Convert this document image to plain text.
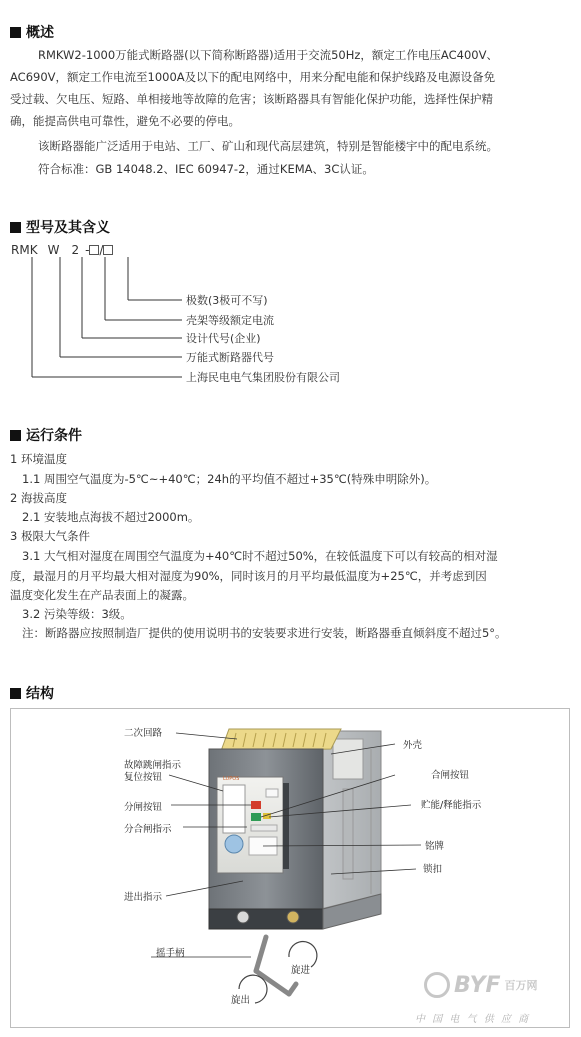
概述
RMKW2-1000万能式断路器(以下简称断路器)适用于交流50Hz，额定工作电压AC400V、
AC690V，额定工作电流至1000A及以下的配电网络中，用来分配电能和保护线路及电源设备免
受过载、欠电压、短路、单相接地等故障的危害；该断路器具有智能化保护功能，选择性保护精
确，能提高供电可靠性，避免不必要的停电。
该断路器能广泛适用于电站、工厂、矿山和现代高层建筑，特别是智能楼宇中的配电系统。
符合标准：GB 14048.2、IEC 60947-2，通过KEMA、3C认证。
型号及其含义
RMK W 2 - /
极数(3极可不写)
壳架等级额定电流
设计代号(企业)
万能式断路器代号
上海民电电气集团股份有限公司
运行条件
1 环境温度
1.1 周围空气温度为-5℃~+40℃；24h的平均值不超过+35℃(特殊申明除外)。
2 海拔高度
2.1 安装地点海拔不超过2000m。
3 极限大气条件
3.1 大气相对湿度在周围空气温度为+40℃时不超过50%，在较低温度下可以有较高的相对湿
度，最湿月的月平均最大相对湿度为90%，同时该月的月平均最低温度为+25℃，并考虑到因
温度变化发生在产品表面上的凝露。
3.2 污染等级：3级。
注：断路器应按照制造厂提供的使用说明书的安装要求进行安装，断路器垂直倾斜度不超过5°。
结构
二次回路
故障跳闸指示
复位按钮
分闸按钮
分合闸指示
进出指示
外壳
合闸按钮
贮能/释能指示
铭牌
锁扣
摇手柄
旋进
旋出
LUPOS
BYF 百万网
中 国 电 气 供 应 商
